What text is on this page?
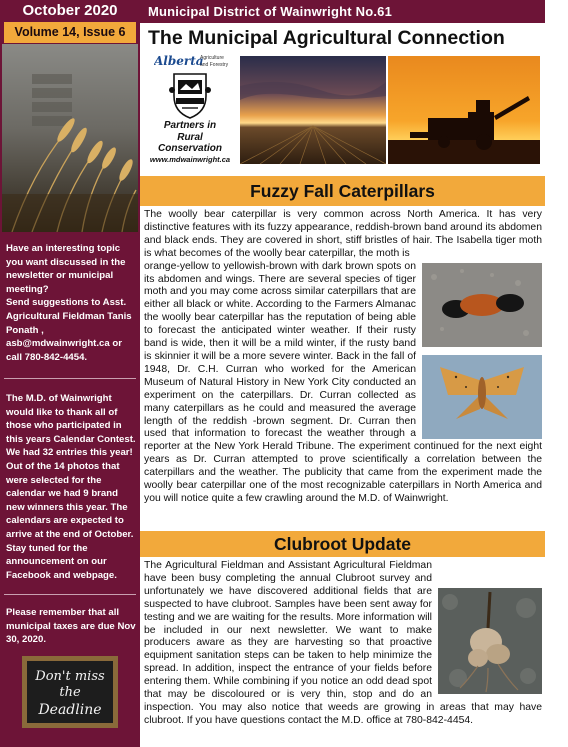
October 2020
Volume 14, Issue 6
Have an interesting topic you want discussed in the newsletter or municipal meeting?
Send suggestions to Asst. Agricultural Fieldman Tanis Ponath , asb@mdwainwright.ca or call 780-842-4454.
The M.D. of Wainwright would like to thank all of those who participated in this years Calendar Contest. We had 32 entries this year! Out of the 14 photos that were selected for the calendar we had 9 brand new winners this year. The calendars are expected to arrive at the end of October. Stay tuned for the announcement on our Facebook and webpage.
Please remember that all municipal taxes are due Nov 30, 2020.
Don't miss
the
Deadline
Municipal District of Wainwright No.61
The Municipal Agricultural Connection
Alberta
Agriculture
and Forestry
Partners in
Rural
Conservation
www.mdwainwright.ca
Fuzzy Fall Caterpillars

The woolly bear caterpillar is very common across North America. It has very distinctive features with its fuzzy appearance, reddish-brown band around its abdomen and black ends. They are covered in short, stiff bristles of hair. The Isabella tiger moth is what becomes of the woolly bear caterpillar, the moth is

orange-yellow to yellowish-brown with dark brown spots on its abdomen and wings. There are several species of tiger moth and you may come across similar caterpillars that are either all black or white. According to the Farmers Almanac the woolly bear caterpillar has the reputation of being able to forecast the anticipated winter weather. If their rusty band is wide, then it will be a mild winter, if the rusty band is skinnier it will be a more severe winter. Back in the fall of 1948, Dr. C.H. Curran who worked for the American Museum of Natural History in New York City conducted an experiment on the caterpillars. Dr. Curran collected as many caterpillars as he could and measured the average length of the reddish -brown segment. Dr. Curran then used that information to forecast the weather through a reporter at the New York Herald Tribune. The experiment continued for the next eight years as Dr. Curran attempted to prove scientifically a correlation between the caterpillars and the weather. The publicity that came from the experiment made the woolly bear caterpillar one of the most recognizable caterpillars in North America and you will notice quite a few crawling around the M.D. of Wainwright.

Clubroot Update

The Agricultural Fieldman and Assistant Agricultural Fieldman have been busy completing the annual Clubroot survey and unfortunately we have discovered additional fields that are suspected to have clubroot. Samples have been sent away for testing and we are waiting for the results. More information will be included in our next newsletter. We want to make producers aware as they are harvesting so that proactive equipment sanitation steps can be taken to help minimize the spread. In addition, inspect the entrance of your fields before entering them. While combining if you notice an odd dead spot that may be discoloured or is very thin, stop and do an inspection. You may also notice that weeds are growing in areas that may have clubroot. If you have questions contact the M.D. office at 780-842-4454.
